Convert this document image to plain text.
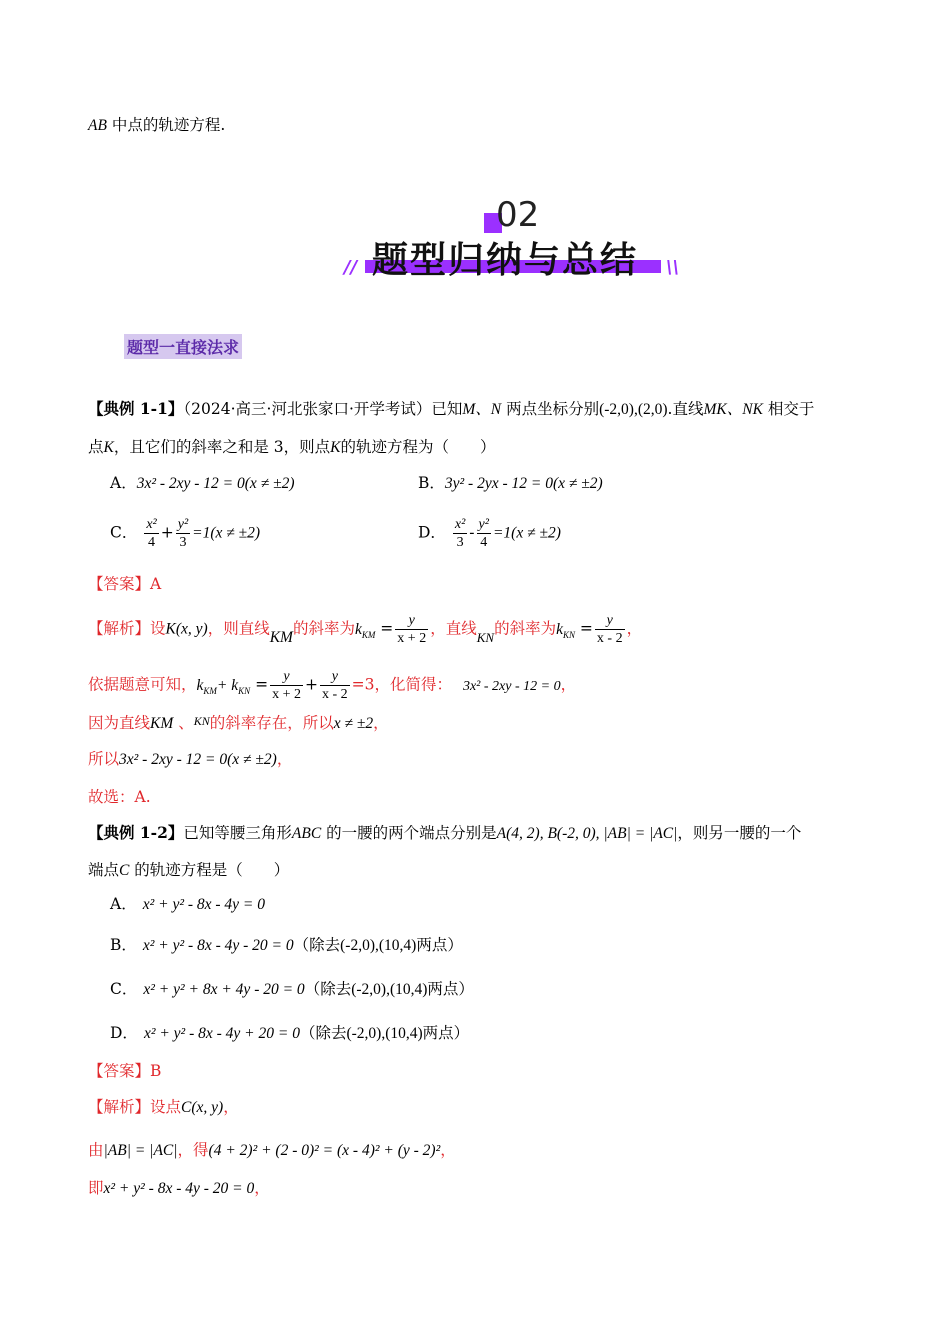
AB 中点的轨迹方程.
02
题型归纳与总结
//	\\
题型一直接法求
【典例 1-1】（2024·高三·河北张家口·开学考试）已知M、N 两点坐标分别(-2,0),(2,0).直线MK、NK 相交于
点K，且它们的斜率之和是 3，则点K的轨迹方程为（　　）
A．3x² - 2xy - 12 = 0(x ≠ ±2)	B．3y² - 2yx - 12 = 0(x ≠ ±2)
C． $\frac{\text{x²}}{4} + \frac{\text{y²}}{3} =1(x \ne \pm 2)$	D． $\frac{\text{x²}}{3} - \frac{\text{y²}}{4} =1(x \ne \pm 2)$
【答案】A
【解析】设K(x, y)，则直线KM的斜率为$k_{KM} = \frac{y}{x + 2}$ ，直线$_{KN}$的斜率为$k_{KN} = \frac{y}{x - 2}$ ，
依据题意可知，$k_{KM}+ k_{KN} = \frac{y}{x + 2} + \frac{y}{x - 2} =3$，化简得： 3x² - 2xy - 12 = 0，
因为直线KM 、KN的斜率存在，所以x ≠ ±2，
所以3x² - 2xy - 12 = 0(x ≠ ±2)，
故选：A.
【典例 1-2】已知等腰三角形ABC 的一腰的两个端点分别是A(4, 2), B(-2, 0), |AB| = |AC|，则另一腰的一个
端点C 的轨迹方程是（　　）
A． x² + y² - 8x - 4y = 0
B． x² + y² - 8x - 4y - 20 = 0（除去(-2,0),(10,4)两点）
C． x² + y² + 8x + 4y - 20 = 0（除去(-2,0),(10,4)两点）
D． x² + y² - 8x - 4y + 20 = 0（除去(-2,0),(10,4)两点）
【答案】B
【解析】设点C(x, y)，
由|AB| = |AC|，得(4 + 2)² + (2 - 0)² = (x - 4)² + (y - 2)²，
即x² + y² - 8x - 4y - 20 = 0，
